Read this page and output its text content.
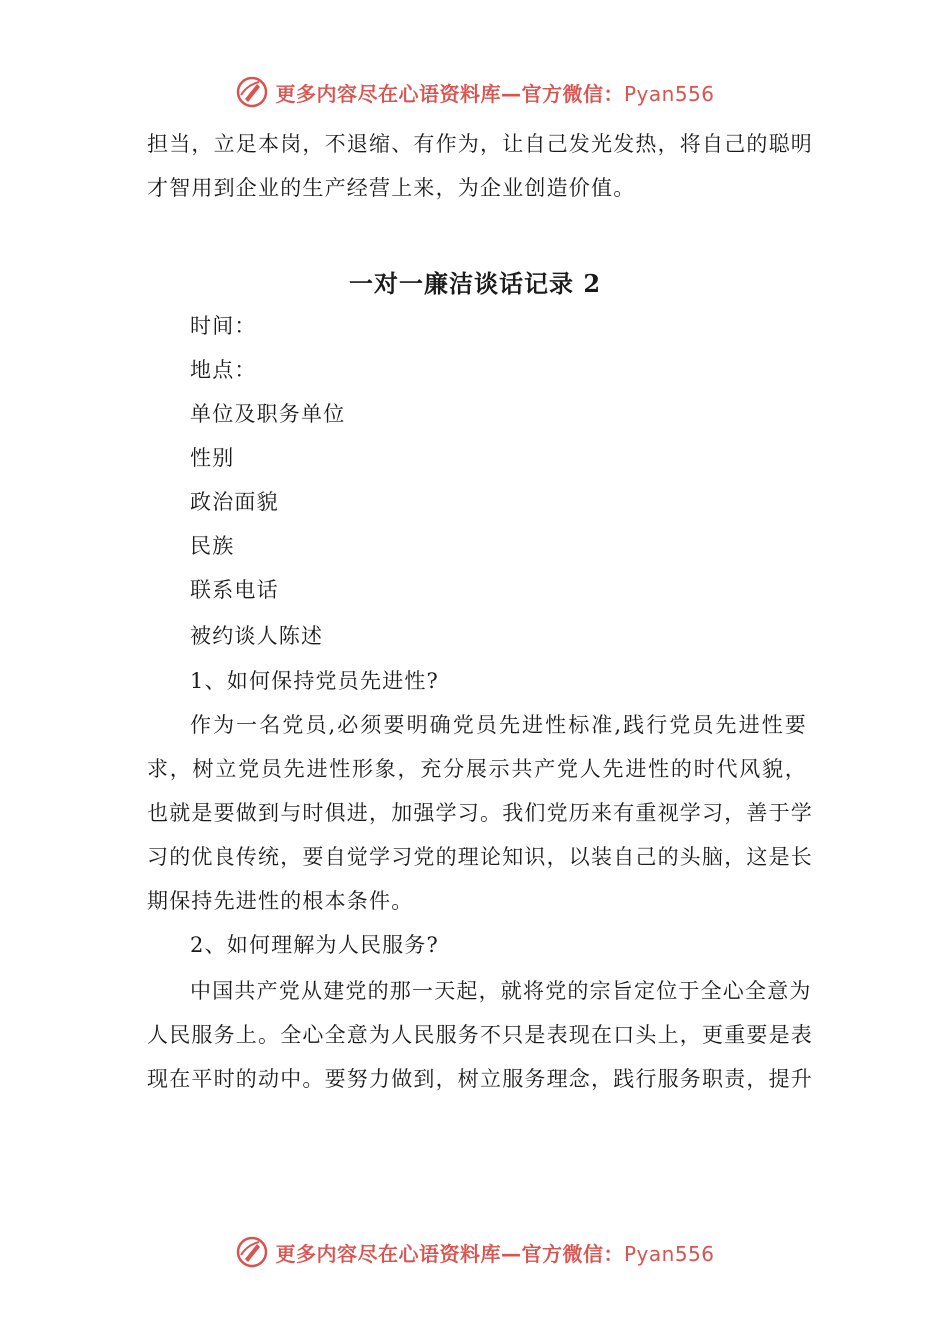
更多内容尽在心语资料库—官方微信：Pyan556
担当，立足本岗，不退缩、有作为，让自己发光发热，将自己的聪明
才智用到企业的生产经营上来，为企业创造价值。
一对一廉洁谈话记录 2
时间：
地点：
单位及职务单位
性别
政治面貌
民族
联系电话
被约谈人陈述
1、如何保持党员先进性?
作为一名党员,必须要明确党员先进性标准,践行党员先进性要
求，树立党员先进性形象，充分展示共产党人先进性的时代风貌，
也就是要做到与时俱进，加强学习。我们党历来有重视学习，善于学
习的优良传统，要自觉学习党的理论知识，以装自己的头脑，这是长
期保持先进性的根本条件。
2、如何理解为人民服务?
中国共产党从建党的那一天起，就将党的宗旨定位于全心全意为
人民服务上。全心全意为人民服务不只是表现在口头上，更重要是表
现在平时的动中。要努力做到，树立服务理念，践行服务职责，提升
更多内容尽在心语资料库—官方微信：Pyan556
